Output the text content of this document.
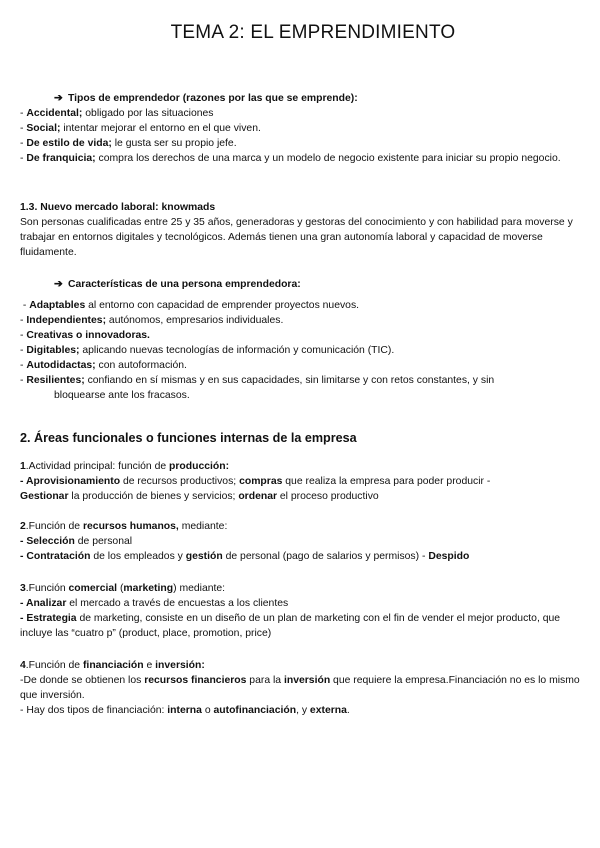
TEMA 2: EL EMPRENDIMIENTO
➔ Tipos de emprendedor (razones por las que se emprende):
- Accidental; obligado por las situaciones
- Social; intentar mejorar el entorno en el que viven.
- De estilo de vida; le gusta ser su propio jefe.
- De franquicia; compra los derechos de una marca y un modelo de negocio existente para iniciar su propio negocio.
1.3. Nuevo mercado laboral: knowmads
Son personas cualificadas entre 25 y 35 años, generadoras y gestoras del conocimiento y con habilidad para moverse y trabajar en entornos digitales y tecnológicos. Además tienen una gran autonomía laboral y capacidad de moverse fluidamente.
➔ Características de una persona emprendedora:
- Adaptables al entorno con capacidad de emprender proyectos nuevos.
- Independientes; autónomos, empresarios individuales.
- Creativas o innovadoras.
- Digitables; aplicando nuevas tecnologías de información y comunicación (TIC).
- Autodidactas; con autoformación.
- Resilientes; confiando en sí mismas y en sus capacidades, sin limitarse y con retos constantes, y sin
bloquearse ante los fracasos.
2. Áreas funcionales o funciones internas de la empresa
1.Actividad principal: función de producción:
- Aprovisionamiento de recursos productivos; compras que realiza la empresa para poder producir -
Gestionar la producción de bienes y servicios; ordenar el proceso productivo
2.Función de recursos humanos, mediante:
- Selección de personal
- Contratación de los empleados y gestión de personal (pago de salarios y permisos) - Despido
3.Función comercial (marketing) mediante:
- Analizar el mercado a través de encuestas a los clientes
- Estrategia de marketing, consiste en un diseño de un plan de marketing con el fin de vender el mejor producto, que incluye las “cuatro p” (product, place, promotion, price)
4.Función de financiación e inversión:
-De donde se obtienen los recursos financieros para la inversión que requiere la empresa.Financiación no es lo mismo que inversión.
- Hay dos tipos de financiación: interna o autofinanciación, y externa.
